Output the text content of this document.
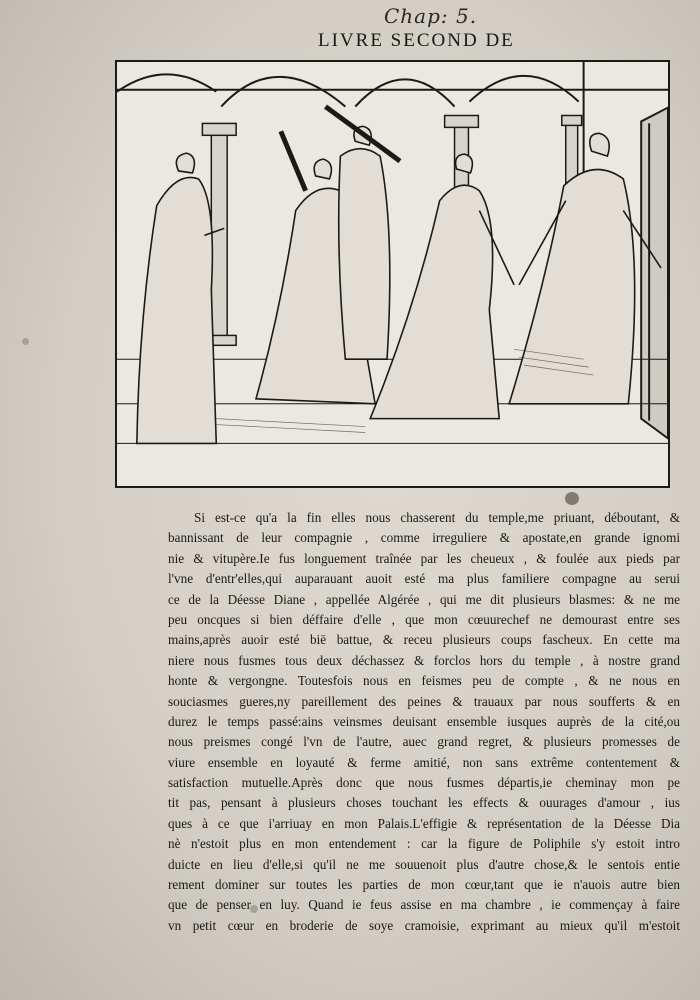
Chap: 5.
LIVRE SECOND DE
Si est-ce qu'a la fin elles nous chasserent du temple,me priuant, déboutant, &
bannissant de leur compagnie , comme irreguliere & apostate,en grande ignomi
nie & vitupère.Ie fus longuement traînée par les cheueux , & foulée aux pieds par
l'vne d'entr'elles,qui auparauant auoit esté ma plus familiere compagne au serui
ce de la Déesse Diane , appellée Algérée , qui me dit plusieurs blasmes: & ne me
peu oncques si bien déffaire d'elle , que mon cœuurechef ne demourast entre ses
mains,après auoir esté biē battue, & receu plusieurs coups fascheux. En cette ma
niere nous fusmes tous deux déchassez & forclos hors du temple , à nostre grand
honte & vergongne. Toutesfois nous en feismes peu de compte , & ne nous en
souciasmes gueres,ny pareillement des peines & trauaux par nous soufferts & en
durez le temps passé:ains veinsmes deuisant ensemble iusques auprès de la cité,ou
nous preismes congé l'vn de l'autre, auec grand regret, & plusieurs promesses de
viure ensemble en loyauté & ferme amitié, non sans extrême contentement &
satisfaction mutuelle.Après donc que nous fusmes départis,ie cheminay mon pe
tit pas, pensant à plusieurs choses touchant les effects & ouurages d'amour , ius
ques à ce que i'arriuay en mon Palais.L'effigie & représentation de la Déesse Dia
nè n'estoit plus en mon entendement : car la figure de Poliphile s'y estoit intro
duicte en lieu d'elle,si qu'il ne me souuenoit plus d'autre chose,& le sentois entie
rement dominer sur toutes les parties de mon cœur,tant que ie n'auois autre bien
que de penser en luy. Quand ie feus assise en ma chambre , ie commençay à faire
vn petit cœur en broderie de soye cramoisie, exprimant au mieux qu'il m'estoit
